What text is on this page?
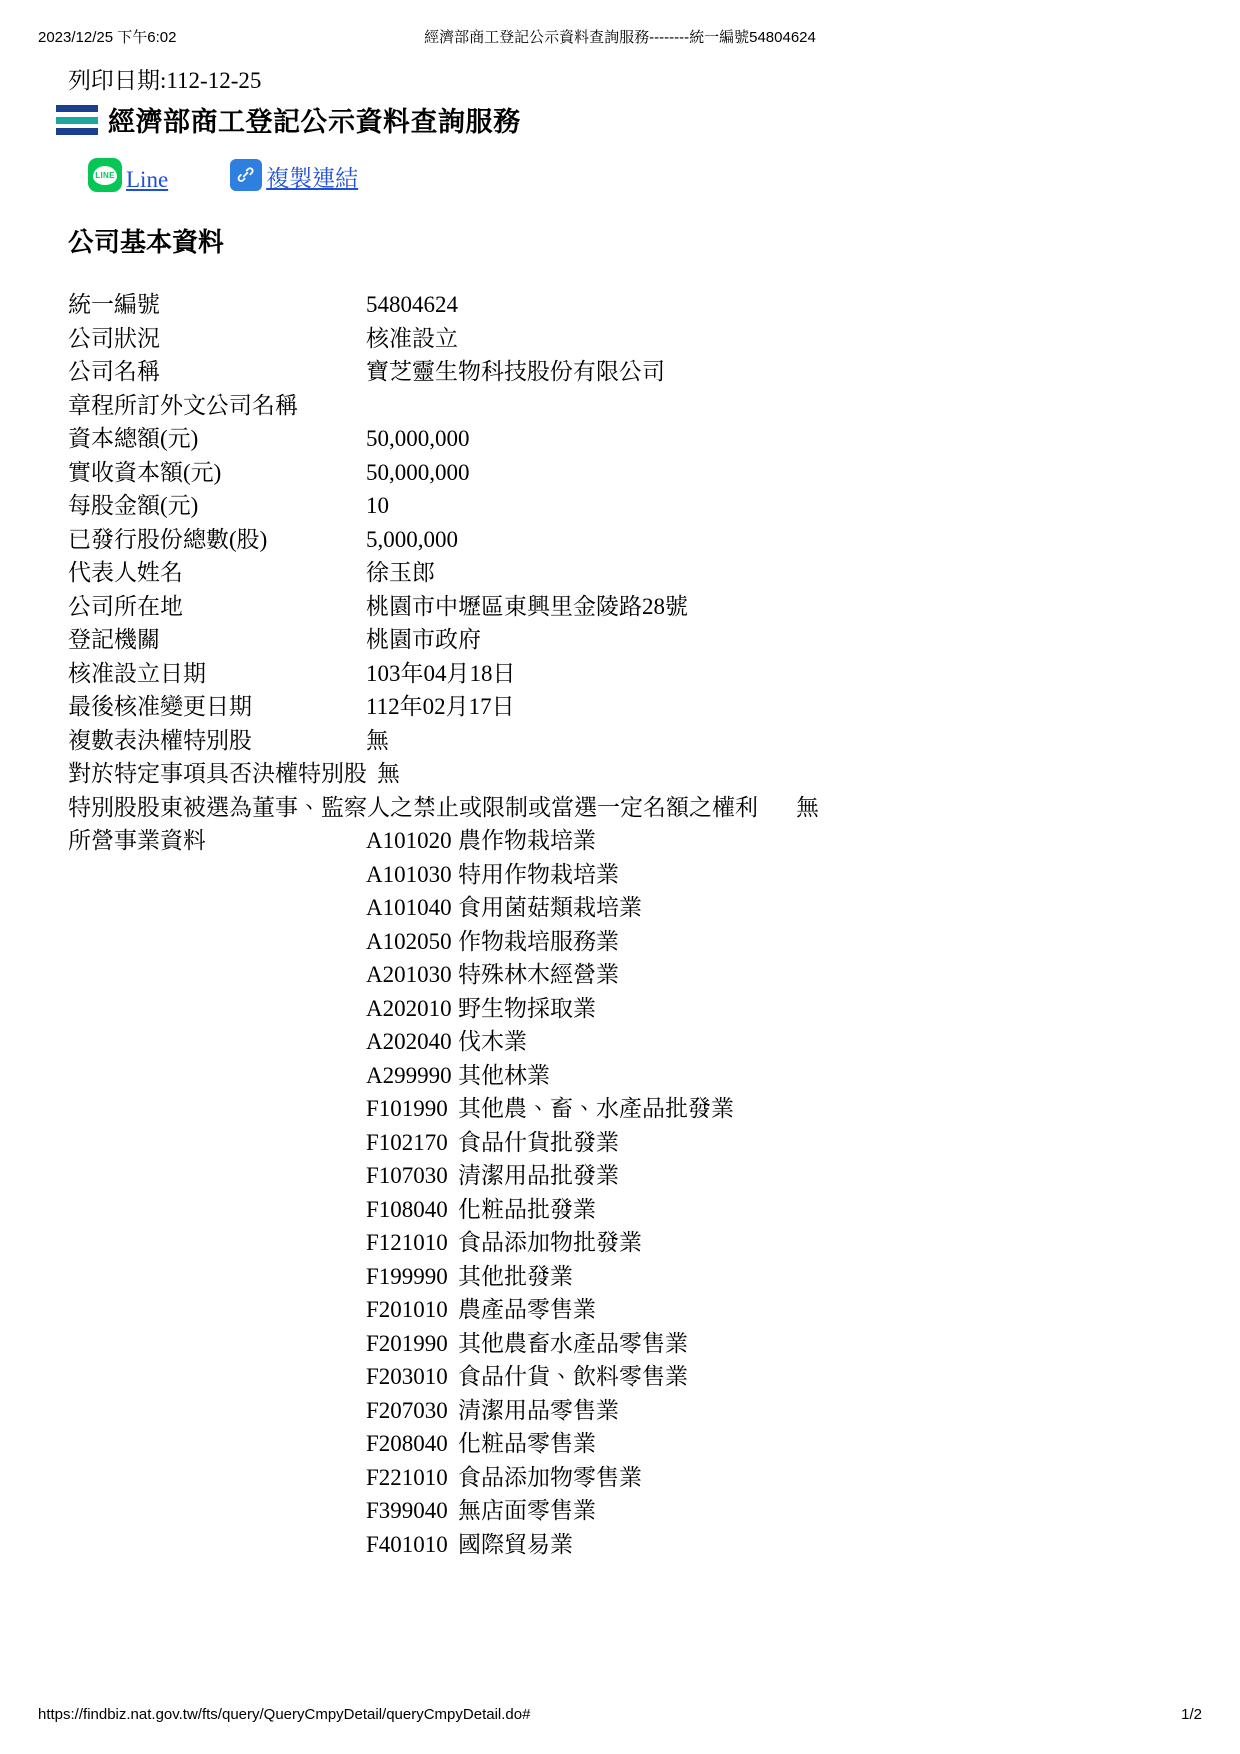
2023/12/25 下午6:02	經濟部商工登記公示資料查詢服務--------統一編號54804624
列印日期:112-12-25
經濟部商工登記公示資料查詢服務
LINE Line	複製連結
公司基本資料
統一編號	54804624
公司狀況	核准設立
公司名稱	寶芝靈生物科技股份有限公司
章程所訂外文公司名稱
資本總額(元)	50,000,000
實收資本額(元)	50,000,000
每股金額(元)	10
已發行股份總數(股)	5,000,000
代表人姓名	徐玉郎
公司所在地	桃園市中壢區東興里金陵路28號
登記機關	桃園市政府
核准設立日期	103年04月18日
最後核准變更日期	112年02月17日
複數表決權特別股	無
對於特定事項具否決權特別股 無
特別股股東被選為董事、監察人之禁止或限制或當選一定名額之權利	無
所營事業資料	A101020 農作物栽培業
A101030 特用作物栽培業
A101040 食用菌菇類栽培業
A102050 作物栽培服務業
A201030 特殊林木經營業
A202010 野生物採取業
A202040 伐木業
A299990 其他林業
F101990 其他農、畜、水產品批發業
F102170 食品什貨批發業
F107030 清潔用品批發業
F108040 化粧品批發業
F121010 食品添加物批發業
F199990 其他批發業
F201010 農產品零售業
F201990 其他農畜水產品零售業
F203010 食品什貨、飲料零售業
F207030 清潔用品零售業
F208040 化粧品零售業
F221010 食品添加物零售業
F399040 無店面零售業
F401010 國際貿易業
https://findbiz.nat.gov.tw/fts/query/QueryCmpyDetail/queryCmpyDetail.do#	1/2
